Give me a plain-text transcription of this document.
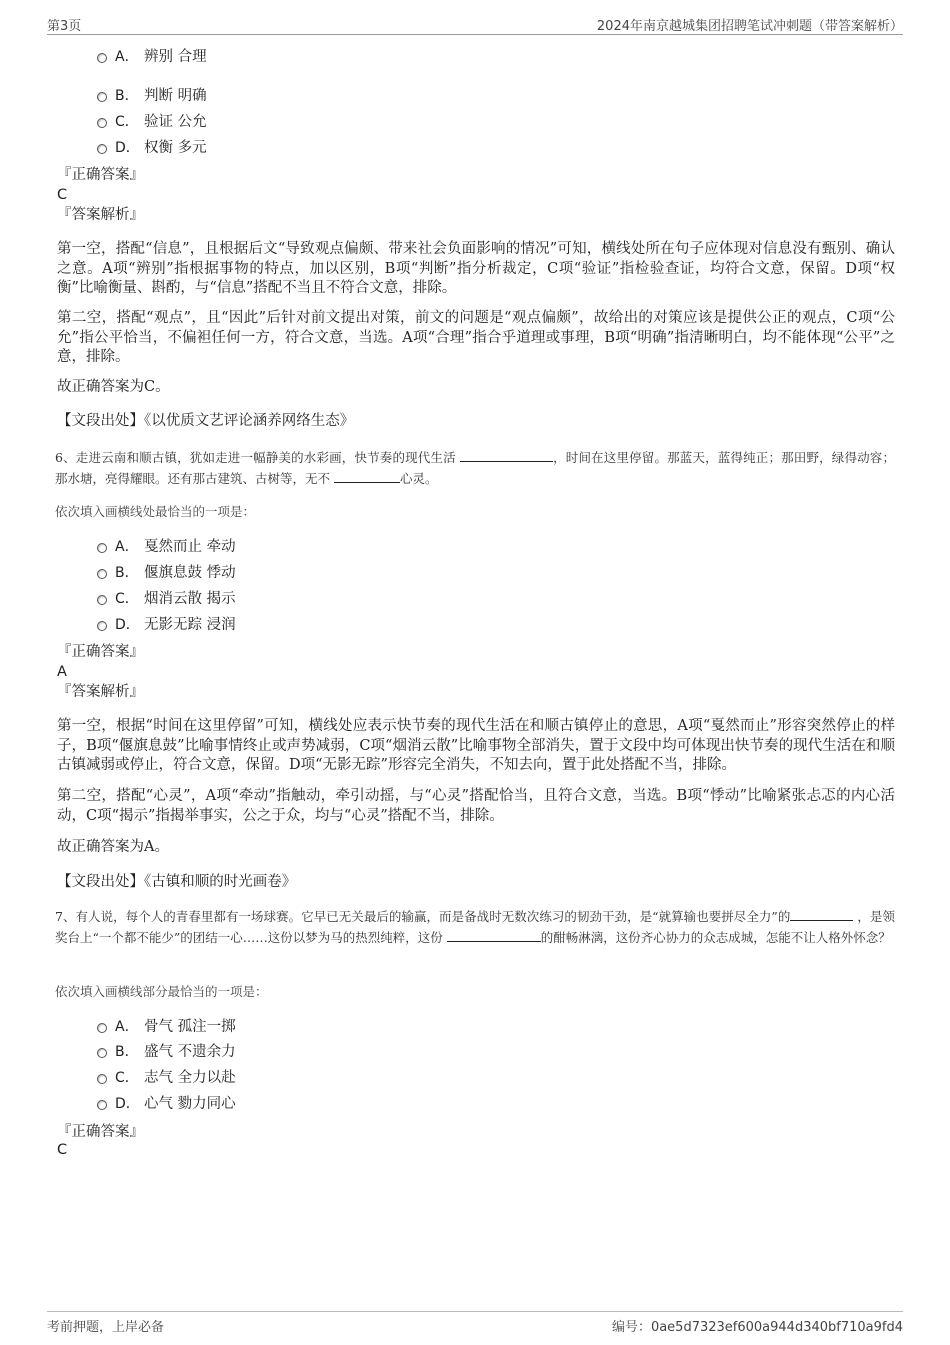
第3页	2024年南京越城集团招聘笔试冲刺题（带答案解析）
A． 辨别 合理
B． 判断 明确
C． 验证 公允
D． 权衡 多元
『正确答案』
C
『答案解析』
第一空，搭配“信息”，且根据后文“导致观点偏颇、带来社会负面影响的情况”可知，横线处所在句子应体现对信息没有甄别、确认之意。A项“辨别”指根据事物的特点，加以区别，B项“判断”指分析裁定，C项“验证”指检验查证，均符合文意，保留。D项“权衡”比喻衡量、斟酌，与“信息”搭配不当且不符合文意，排除。
第二空，搭配“观点”，且“因此”后针对前文提出对策，前文的问题是“观点偏颇”，故给出的对策应该是提供公正的观点，C项“公允”指公平恰当，不偏袒任何一方，符合文意，当选。A项“合理”指合乎道理或事理，B项“明确”指清晰明白，均不能体现“公平”之意，排除。
故正确答案为C。
【文段出处】《以优质文艺评论涵养网络生态》
6、走进云南和顺古镇，犹如走进一幅静美的水彩画，快节奏的现代生活	，时间在这里停留。那蓝天，蓝得纯正；那田野，绿得动容；那水塘，亮得耀眼。还有那古建筑、古树等，无不	心灵。
依次填入画横线处最恰当的一项是：
A． 戛然而止 牵动
B． 偃旗息鼓 悸动
C． 烟消云散 揭示
D． 无影无踪 浸润
『正确答案』
A
『答案解析』
第一空，根据“时间在这里停留”可知，横线处应表示快节奏的现代生活在和顺古镇停止的意思，A项“戛然而止”形容突然停止的样子，B项“偃旗息鼓”比喻事情终止或声势减弱，C项“烟消云散”比喻事物全部消失，置于文段中均可体现出快节奏的现代生活在和顺古镇减弱或停止，符合文意，保留。D项“无影无踪”形容完全消失，不知去向，置于此处搭配不当，排除。
第二空，搭配“心灵”，A项“牵动”指触动，牵引动摇，与“心灵”搭配恰当，且符合文意，当选。B项“悸动”比喻紧张忐忑的内心活动，C项“揭示”指揭举事实，公之于众，均与“心灵”搭配不当，排除。
故正确答案为A。
【文段出处】《古镇和顺的时光画卷》
7、有人说，每个人的青春里都有一场球赛。它早已无关最后的输赢，而是备战时无数次练习的韧劲干劲，是“就算输也要拼尽全力”的	，是领奖台上“一个都不能少”的团结一心……这份以梦为马的热烈纯粹，这份	的酣畅淋漓，这份齐心协力的众志成城，怎能不让人格外怀念？
依次填入画横线部分最恰当的一项是：
A． 骨气 孤注一掷
B． 盛气 不遗余力
C． 志气 全力以赴
D． 心气 勠力同心
『正确答案』
C
考前押题，上岸必备	编号：0ae5d7323ef600a944d340bf710a9fd4
